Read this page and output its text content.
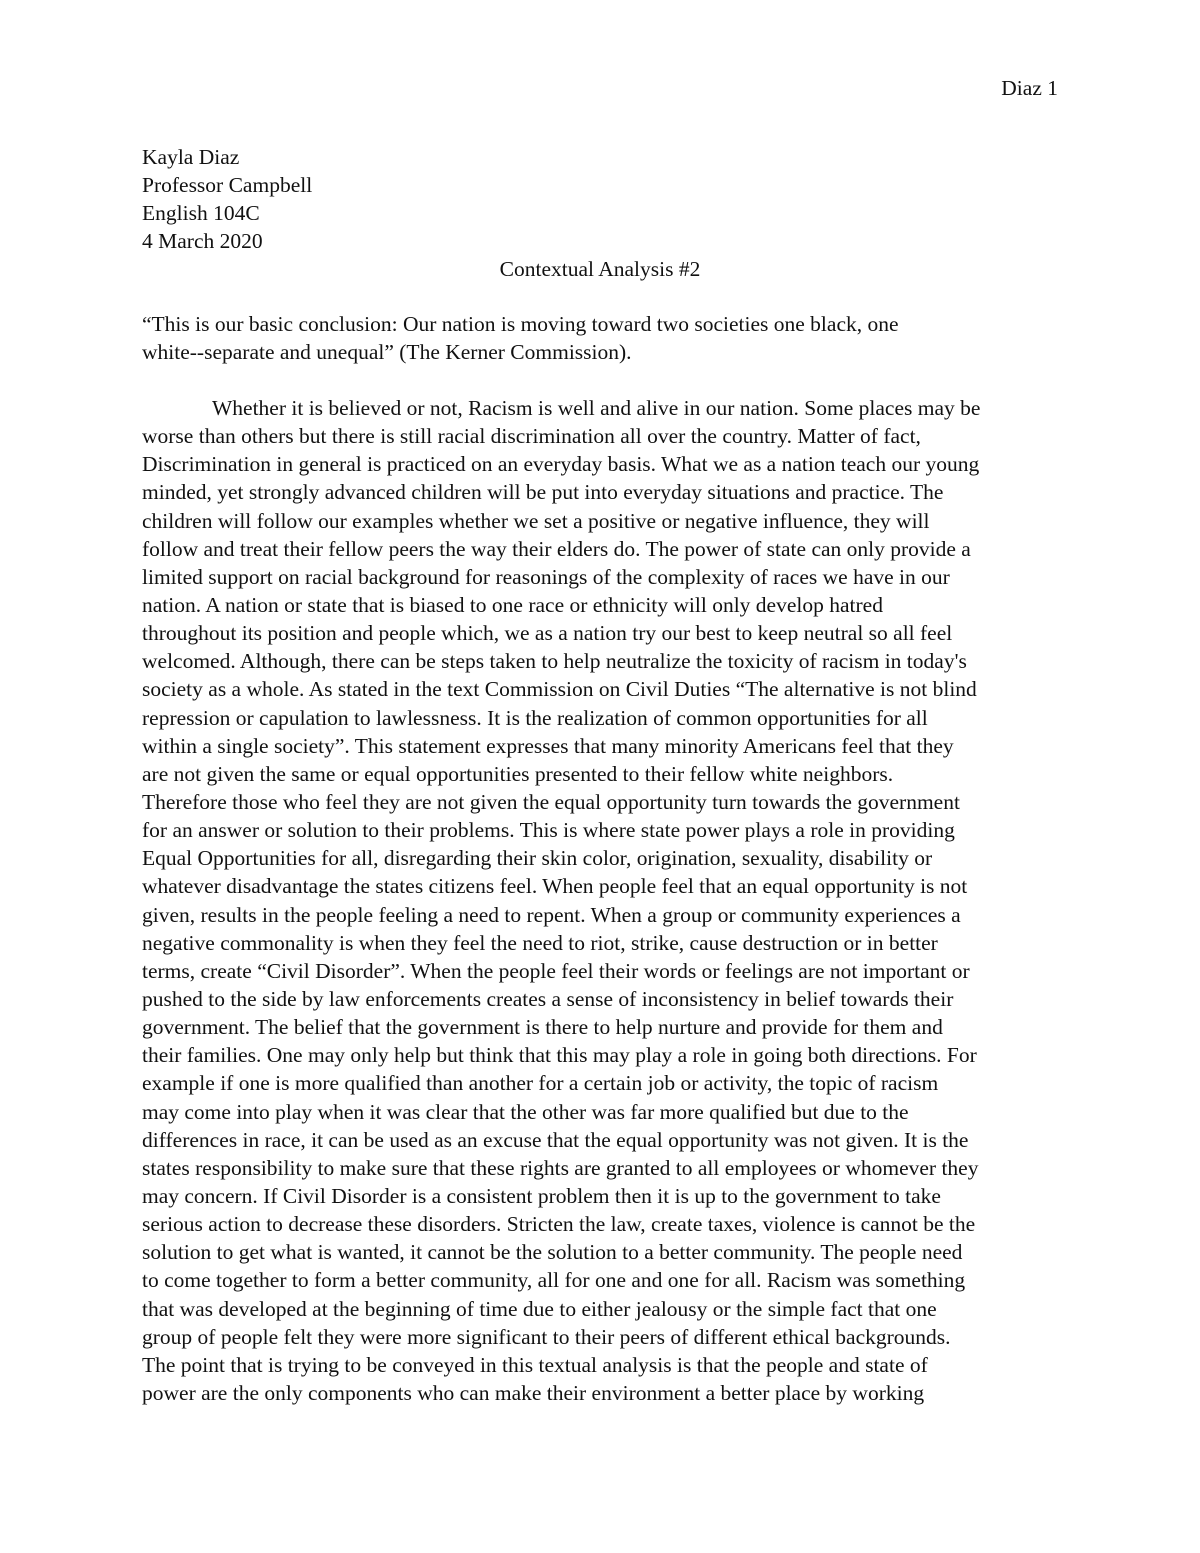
Diaz 1
Kayla Diaz
Professor Campbell
English 104C
4 March 2020
Contextual Analysis #2
“This is our basic conclusion: Our nation is moving toward two societies one black, one
white--separate and unequal” (The Kerner Commission).
Whether it is believed or not, Racism is well and alive in our nation. Some places may be
worse than others but there is still racial discrimination all over the country. Matter of fact,
Discrimination in general is practiced on an everyday basis. What we as a nation teach our young
minded, yet strongly advanced children will be put into everyday situations and practice. The
children will follow our examples whether we set a positive or negative influence, they will
follow and treat their fellow peers the way their elders do. The power of state can only provide a
limited support on racial background for reasonings of the complexity of races we have in our
nation. A nation or state that is biased to one race or ethnicity will only develop hatred
throughout its position and people which, we as a nation try our best to keep neutral so all feel
welcomed. Although, there can be steps taken to help neutralize the toxicity of racism in today's
society as a whole. As stated in the text Commission on Civil Duties “The alternative is not blind
repression or capulation to lawlessness. It is the realization of common opportunities for all
within a single society”. This statement expresses that many minority Americans feel that they
are not given the same or equal opportunities presented to their fellow white neighbors.
Therefore those who feel they are not given the equal opportunity turn towards the government
for an answer or solution to their problems. This is where state power plays a role in providing
Equal Opportunities for all, disregarding their skin color, origination, sexuality, disability or
whatever disadvantage the states citizens feel. When people feel that an equal opportunity is not
given, results in the people feeling a need to repent. When a group or community experiences a
negative commonality is when they feel the need to riot, strike, cause destruction or in better
terms, create “Civil Disorder”. When the people feel their words or feelings are not important or
pushed to the side by law enforcements creates a sense of inconsistency in belief towards their
government. The belief that the government is there to help nurture and provide for them and
their families. One may only help but think that this may play a role in going both directions. For
example if one is more qualified than another for a certain job or activity, the topic of racism
may come into play when it was clear that the other was far more qualified but due to the
differences in race, it can be used as an excuse that the equal opportunity was not given. It is the
states responsibility to make sure that these rights are granted to all employees or whomever they
may concern. If Civil Disorder is a consistent problem then it is up to the government to take
serious action to decrease these disorders. Stricten the law, create taxes, violence is cannot be the
solution to get what is wanted, it cannot be the solution to a better community. The people need
to come together to form a better community, all for one and one for all. Racism was something
that was developed at the beginning of time due to either jealousy or the simple fact that one
group of people felt they were more significant to their peers of different ethical backgrounds.
The point that is trying to be conveyed in this textual analysis is that the people and state of
power are the only components who can make their environment a better place by working
